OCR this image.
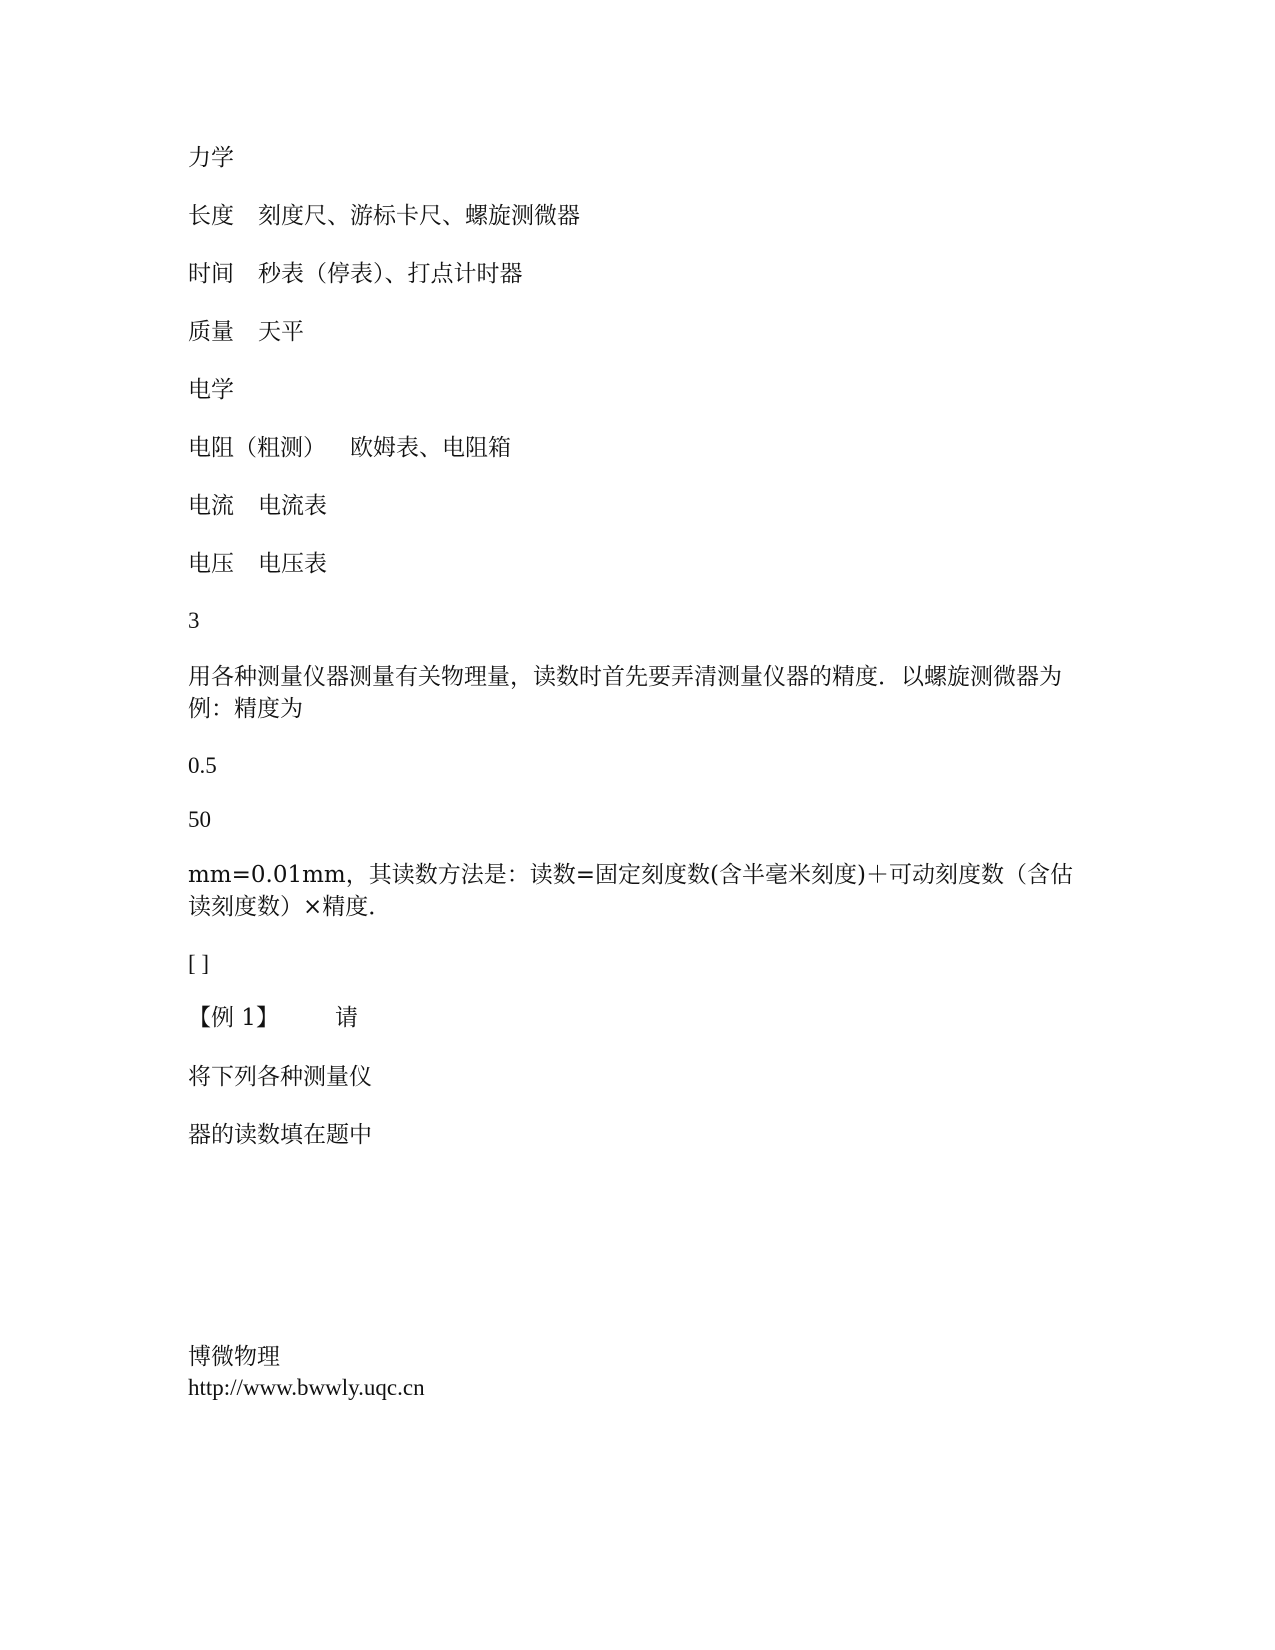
力学
长度 刻度尺、游标卡尺、螺旋测微器
时间 秒表（停表）、打点计时器
质量 天平
电学
电阻（粗测） 欧姆表、电阻箱
电流 电流表
电压 电压表
3
用各种测量仪器测量有关物理量，读数时首先要弄清测量仪器的精度．以螺旋测微器为例：精度为
0.5
50
mm=0.01mm，其读数方法是：读数=固定刻度数(含半毫米刻度)＋可动刻度数（含估读刻度数）×精度．
[ ]
【例 1】 请
将下列各种测量仪
器的读数填在题中
博微物理
http://www.bwwly.uqc.cn
